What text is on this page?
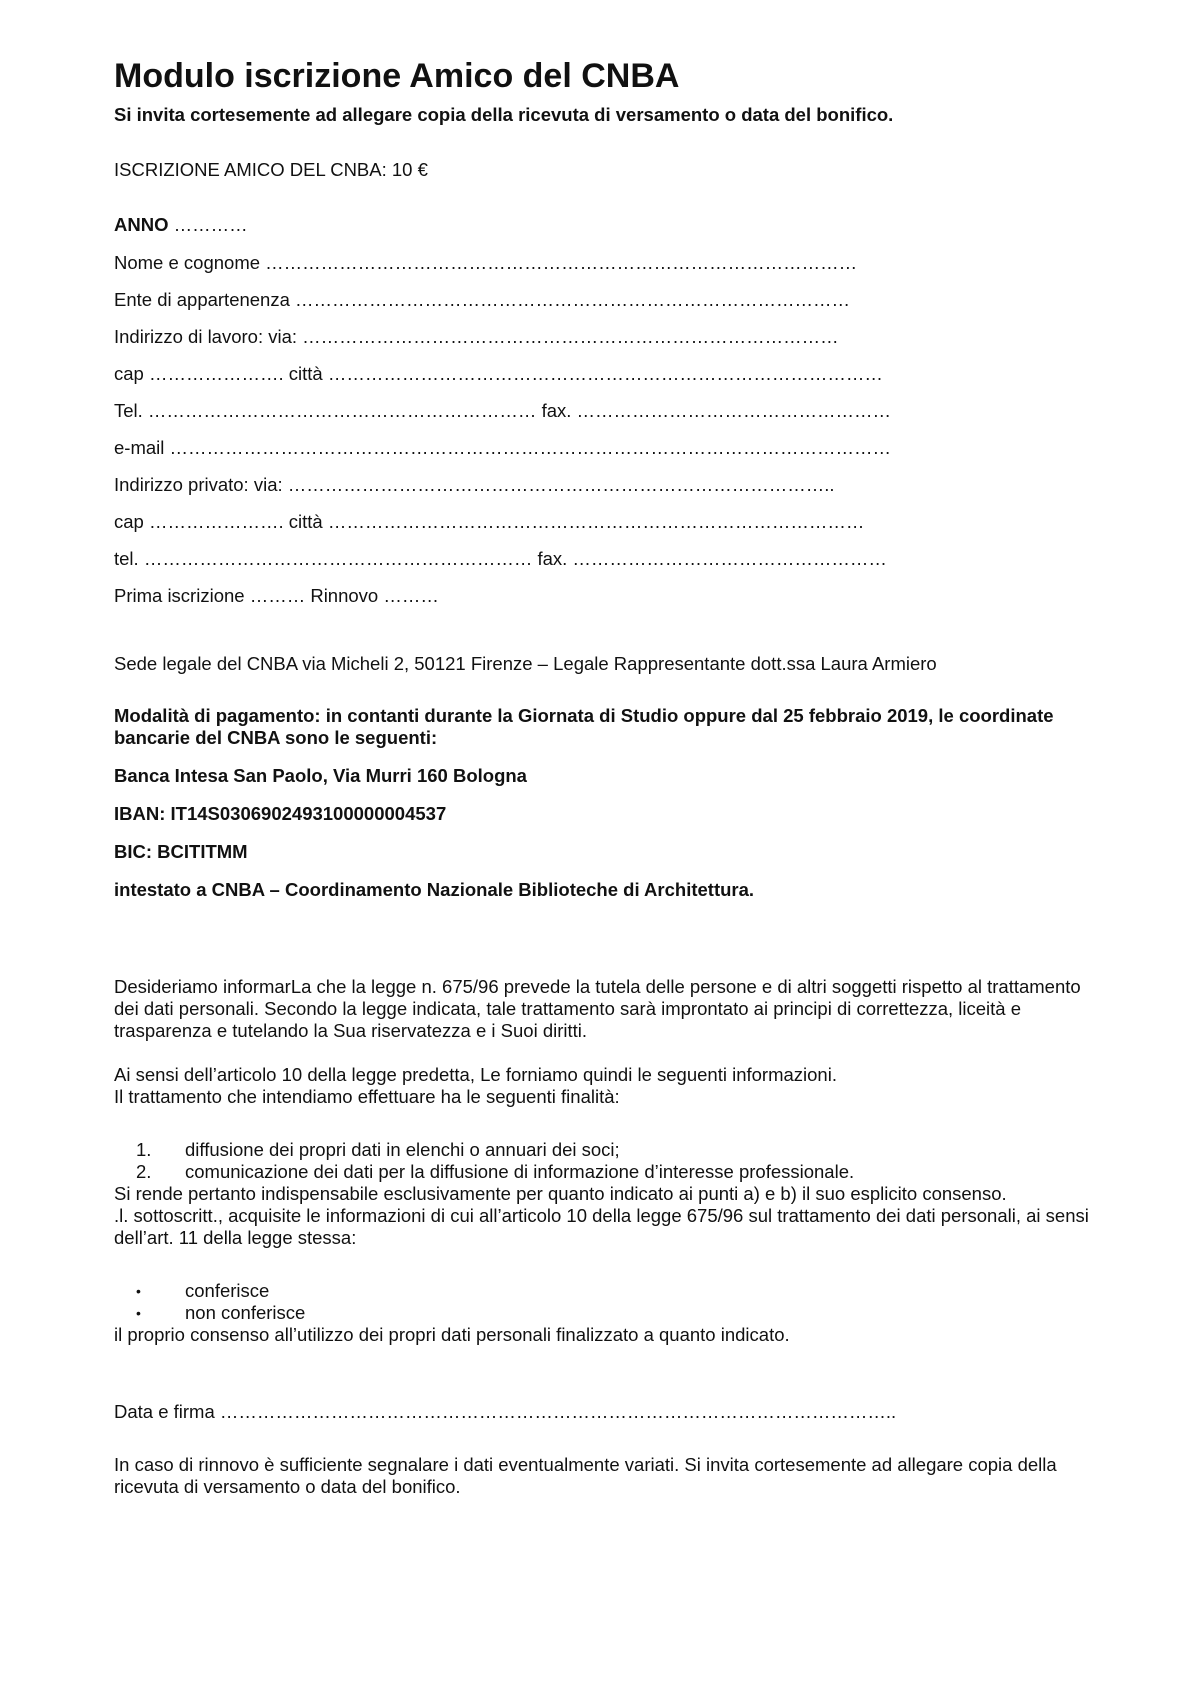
Modulo iscrizione Amico del CNBA

Si invita cortesemente ad allegare copia della ricevuta di versamento o data del bonifico.

ISCRIZIONE AMICO DEL CNBA: 10 €
ANNO …………
Nome e cognome ……………………………………………………………………………………
Ente di appartenenza ………………………………………………………………………………
Indirizzo di lavoro: via: ……………………………………………………………………………
cap …………………. città ………………………………………………………………………………
Tel. ……………………………………………………… fax. ……………………………………………
e-mail ………………………………………………………………………………………………………
Indirizzo privato: via: ……………………………………………………………………………..
cap …………………. città ……………………………………………………………………………
tel. ……………………………………………………… fax. ……………………………………………
Prima iscrizione ……… Rinnovo ………
Sede legale del CNBA via Micheli 2, 50121 Firenze – Legale Rappresentante dott.ssa Laura Armiero

Modalità di pagamento: in contanti durante la Giornata di Studio oppure dal 25 febbraio 2019, le coordinate bancarie del CNBA sono le seguenti:

Banca Intesa San Paolo, Via Murri 160 Bologna

IBAN: IT14S0306902493100000004537

BIC: BCITITMM

intestato a CNBA – Coordinamento Nazionale Biblioteche di Architettura.

Desideriamo informarLa che la legge n. 675/96 prevede la tutela delle persone e di altri soggetti rispetto al trattamento dei dati personali. Secondo la legge indicata, tale trattamento sarà improntato ai principi di correttezza, liceità e trasparenza e tutelando la Sua riservatezza e i Suoi diritti.

Ai sensi dell’articolo 10 della legge predetta, Le forniamo quindi le seguenti informazioni.

Il trattamento che intendiamo effettuare ha le seguenti finalità:

1. diffusione dei propri dati in elenchi o annuari dei soci;
2. comunicazione dei dati per la diffusione di informazione d’interesse professionale.

Si rende pertanto indispensabile esclusivamente per quanto indicato ai punti a) e b) il suo esplicito consenso.

.l. sottoscritt., acquisite le informazioni di cui all’articolo 10 della legge 675/96 sul trattamento dei dati personali, ai sensi dell’art. 11 della legge stessa:

• conferisce
• non conferisce

il proprio consenso all’utilizzo dei propri dati personali finalizzato a quanto indicato.

Data e firma ………………………………………………………………………………………………..
In caso di rinnovo è sufficiente segnalare i dati eventualmente variati. Si invita cortesemente ad allegare copia della ricevuta di versamento o data del bonifico.
